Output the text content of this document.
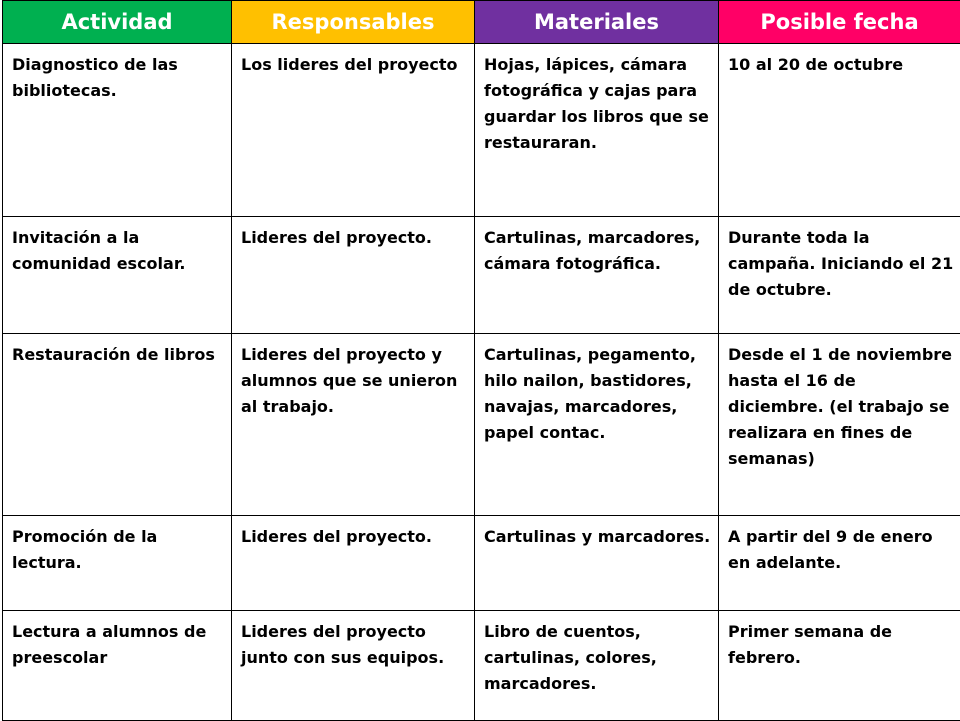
Actividad	Responsables	Materiales	Posible fecha
Diagnostico de las bibliotecas.	Los lideres del proyecto	Hojas, lápices, cámara fotográfica y cajas para guardar los libros que se restauraran.	10 al 20 de octubre
Invitación a la comunidad escolar.	Lideres del proyecto.	Cartulinas, marcadores, cámara fotográfica.	Durante toda la campaña. Iniciando el 21 de octubre.
Restauración de libros	Lideres del proyecto y alumnos que se unieron al trabajo.	Cartulinas, pegamento, hilo nailon, bastidores, navajas, marcadores, papel contac.	Desde el 1 de noviembre hasta el 16 de diciembre. (el trabajo se realizara en fines de semanas)
Promoción de la lectura.	Lideres del proyecto.	Cartulinas y marcadores.	A partir del 9 de enero en adelante.
Lectura a alumnos de preescolar	Lideres del proyecto junto con sus equipos.	Libro de cuentos, cartulinas, colores, marcadores.	Primer semana de febrero.
